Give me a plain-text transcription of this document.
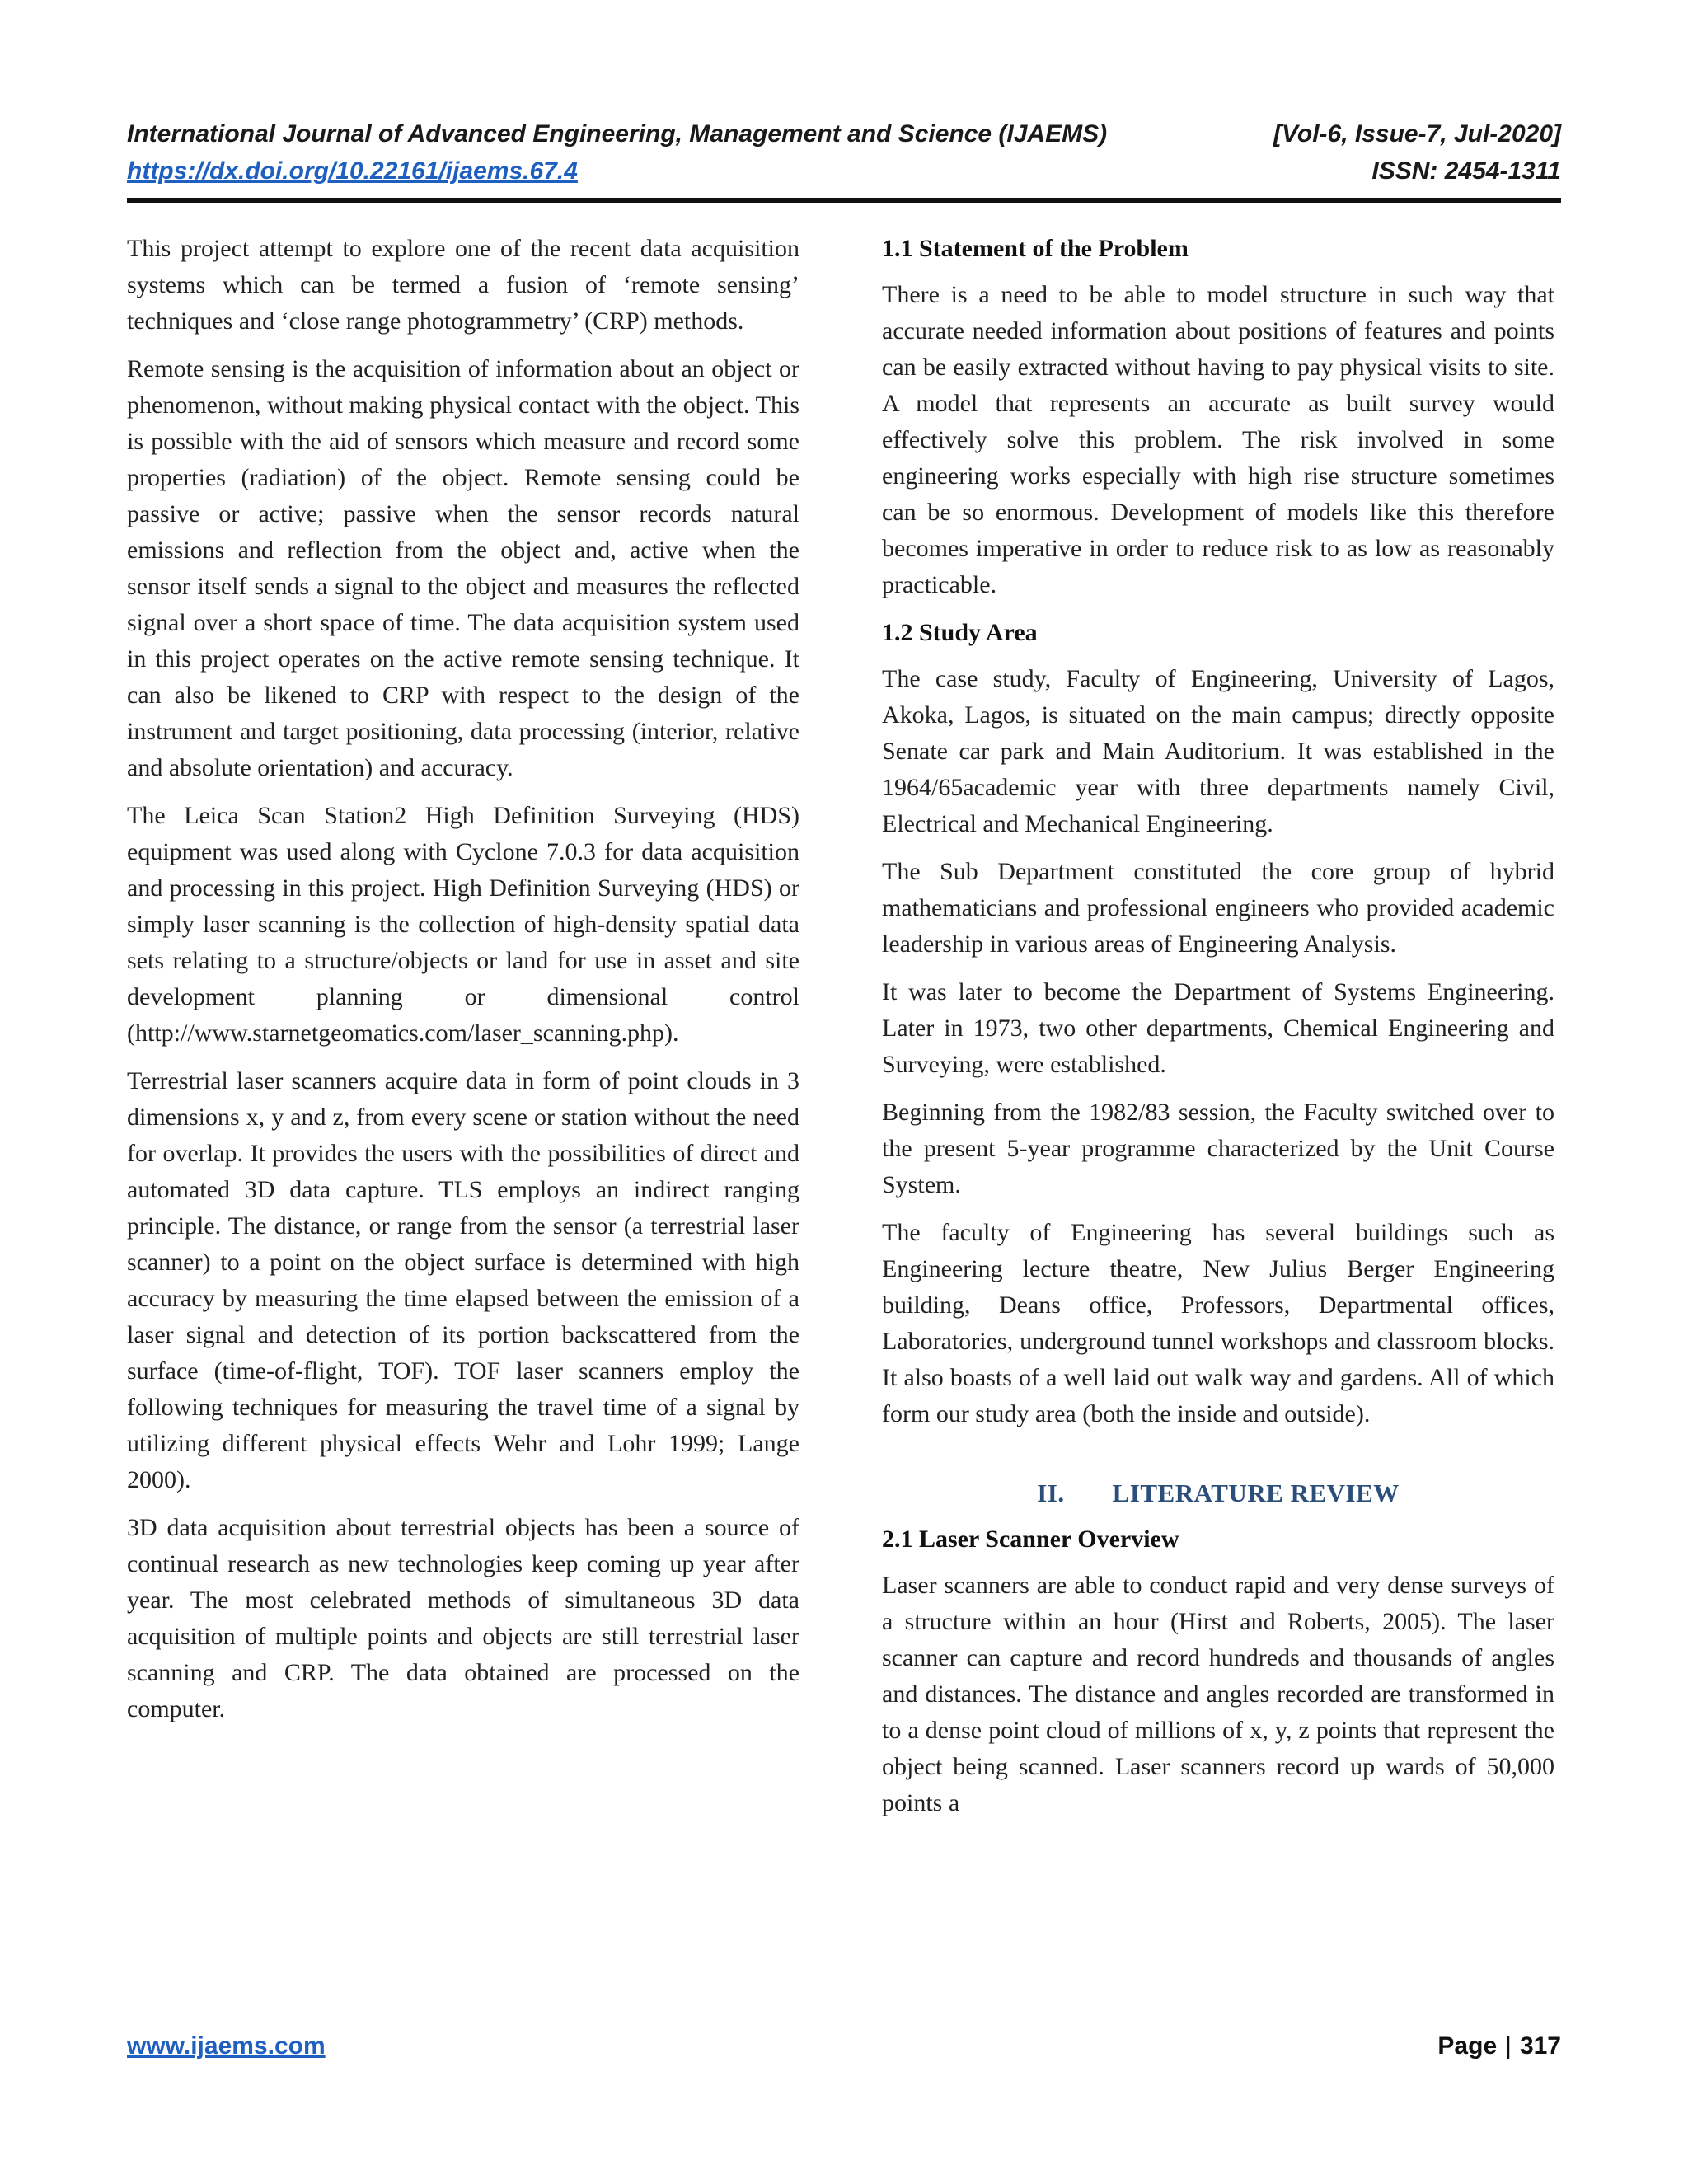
International Journal of Advanced Engineering, Management and Science (IJAEMS)	[Vol-6, Issue-7, Jul-2020]
https://dx.doi.org/10.22161/ijaems.67.4	ISSN: 2454-1311

This project attempt to explore one of the recent data acquisition systems which can be termed a fusion of ‘remote sensing’ techniques and ‘close range photogrammetry’ (CRP) methods.

Remote sensing is the acquisition of information about an object or phenomenon, without making physical contact with the object. This is possible with the aid of sensors which measure and record some properties (radiation) of the object. Remote sensing could be passive or active; passive when the sensor records natural emissions and reflection from the object and, active when the sensor itself sends a signal to the object and measures the reflected signal over a short space of time. The data acquisition system used in this project operates on the active remote sensing technique. It can also be likened to CRP with respect to the design of the instrument and target positioning, data processing (interior, relative and absolute orientation) and accuracy.

The Leica Scan Station2 High Definition Surveying (HDS) equipment was used along with Cyclone 7.0.3 for data acquisition and processing in this project. High Definition Surveying (HDS) or simply laser scanning is the collection of high-density spatial data sets relating to a structure/objects or land for use in asset and site development planning or dimensional control (http://www.starnetgeomatics.com/laser_scanning.php).

Terrestrial laser scanners acquire data in form of point clouds in 3 dimensions x, y and z, from every scene or station without the need for overlap. It provides the users with the possibilities of direct and automated 3D data capture. TLS employs an indirect ranging principle. The distance, or range from the sensor (a terrestrial laser scanner) to a point on the object surface is determined with high accuracy by measuring the time elapsed between the emission of a laser signal and detection of its portion backscattered from the surface (time-of-flight, TOF). TOF laser scanners employ the following techniques for measuring the travel time of a signal by utilizing different physical effects Wehr and Lohr 1999; Lange 2000).

3D data acquisition about terrestrial objects has been a source of continual research as new technologies keep coming up year after year. The most celebrated methods of simultaneous 3D data acquisition of multiple points and objects are still terrestrial laser scanning and CRP. The data obtained are processed on the computer.

1.1 Statement of the Problem

There is a need to be able to model structure in such way that accurate needed information about positions of features and points can be easily extracted without having to pay physical visits to site. A model that represents an accurate as built survey would effectively solve this problem. The risk involved in some engineering works especially with high rise structure sometimes can be so enormous. Development of models like this therefore becomes imperative in order to reduce risk to as low as reasonably practicable.

1.2 Study Area

The case study, Faculty of Engineering, University of Lagos, Akoka, Lagos, is situated on the main campus; directly opposite Senate car park and Main Auditorium. It was established in the 1964/65academic year with three departments namely Civil, Electrical and Mechanical Engineering.

The Sub Department constituted the core group of hybrid mathematicians and professional engineers who provided academic leadership in various areas of Engineering Analysis.

It was later to become the Department of Systems Engineering. Later in 1973, two other departments, Chemical Engineering and Surveying, were established.

Beginning from the 1982/83 session, the Faculty switched over to the present 5-year programme characterized by the Unit Course System.

The faculty of Engineering has several buildings such as Engineering lecture theatre, New Julius Berger Engineering building, Deans office, Professors, Departmental offices, Laboratories, underground tunnel workshops and classroom blocks. It also boasts of a well laid out walk way and gardens. All of which form our study area (both the inside and outside).

II. LITERATURE REVIEW
2.1 Laser Scanner Overview

Laser scanners are able to conduct rapid and very dense surveys of a structure within an hour (Hirst and Roberts, 2005). The laser scanner can capture and record hundreds and thousands of angles and distances. The distance and angles recorded are transformed in to a dense point cloud of millions of x, y, z points that represent the object being scanned. Laser scanners record up wards of 50,000 points a

www.ijaems.com	Page | 317
